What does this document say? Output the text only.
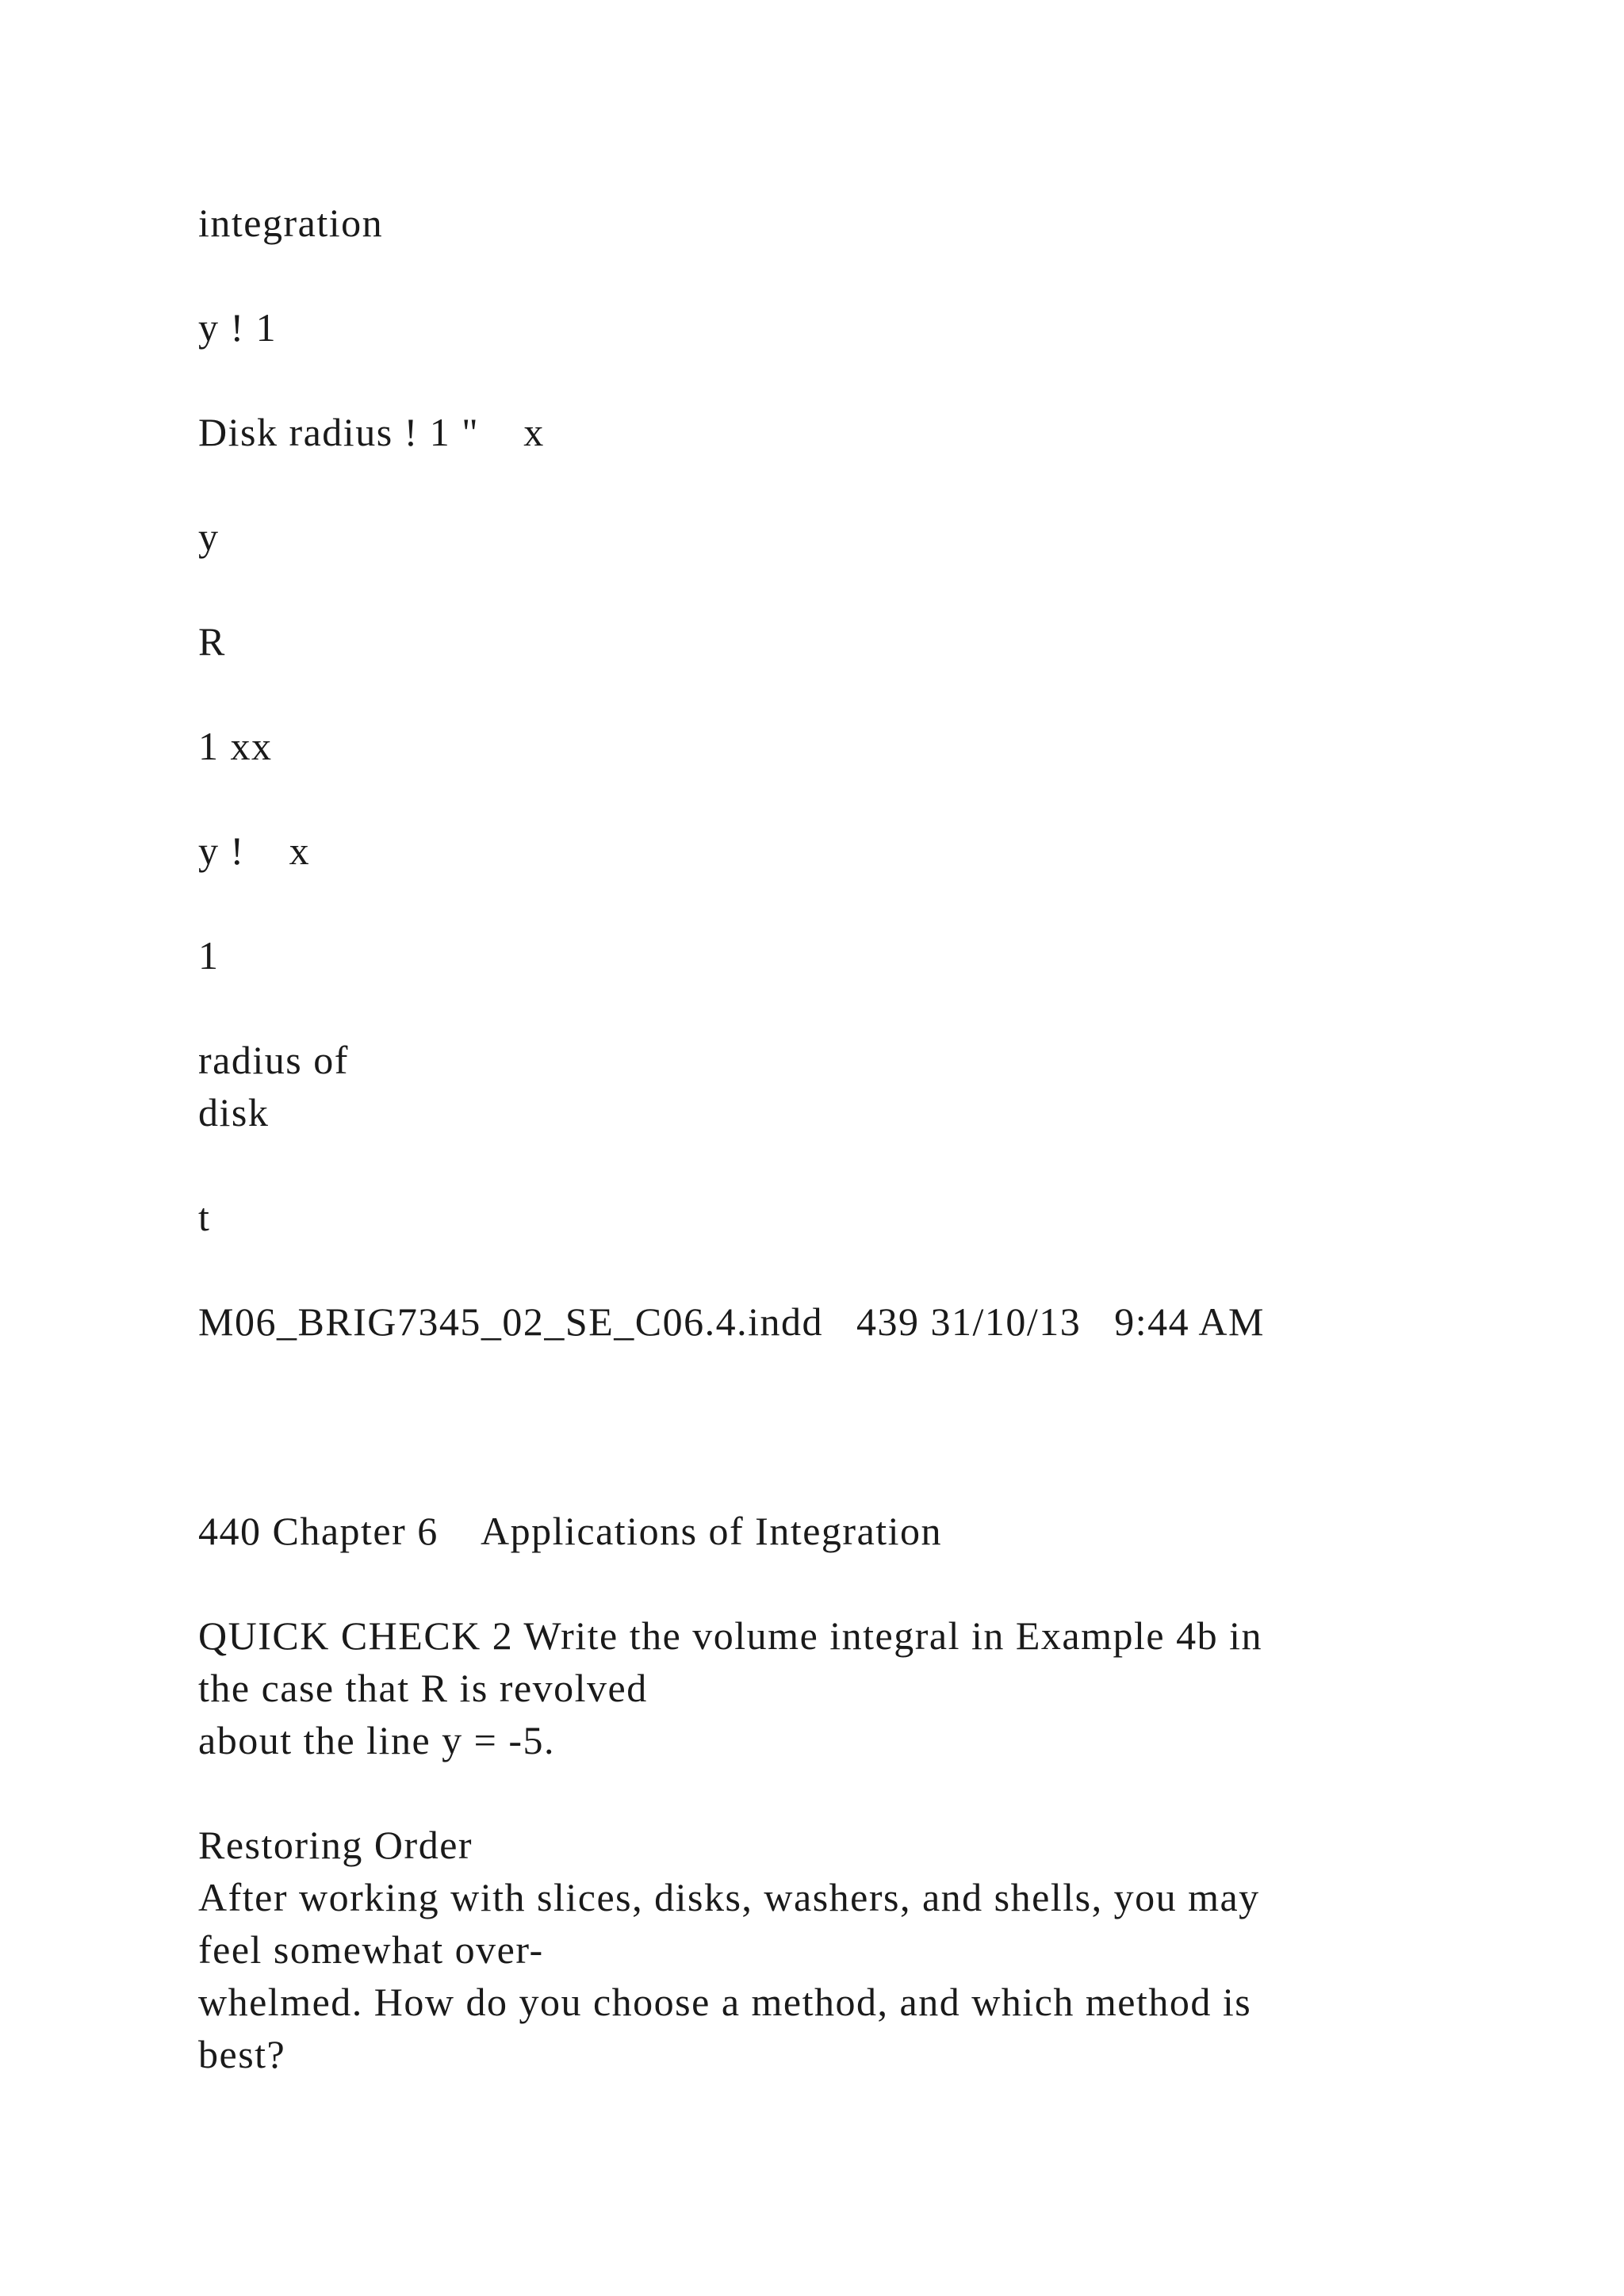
integration
y ! 1
Disk radius ! 1 "    x
y
R
1 xx
y !    x
1
radius of
disk
t
M06_BRIG7345_02_SE_C06.4.indd   439 31/10/13   9:44 AM
440 Chapter 6    Applications of Integration
QUICK CHECK 2 Write the volume integral in Example 4b in
the case that R is revolved
about the line y = -5.
Restoring Order
After working with slices, disks, washers, and shells, you may
feel somewhat over-
whelmed. How do you choose a method, and which method is
best?
